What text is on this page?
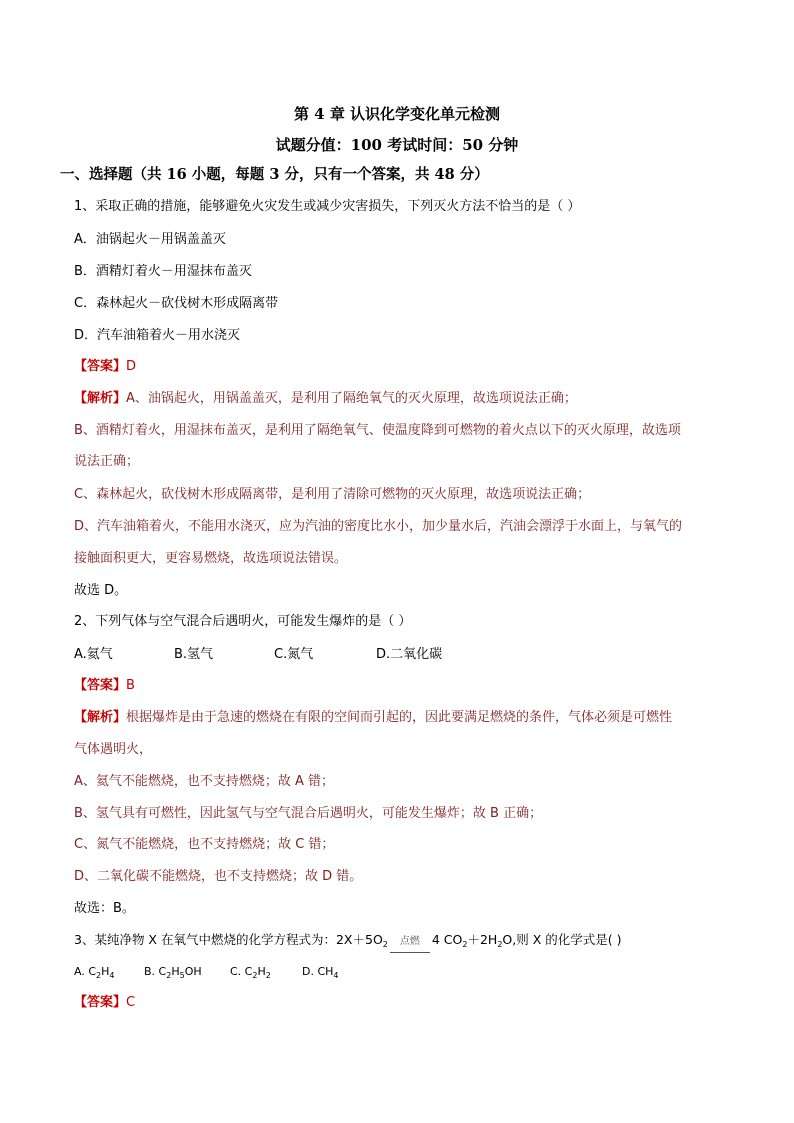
第 4 章 认识化学变化单元检测
试题分值：100 考试时间：50 分钟
一、选择题（共 16 小题，每题 3 分，只有一个答案，共 48 分）
1、采取正确的措施，能够避免火灾发生或减少灾害损失，下列灭火方法不恰当的是（ ）
A．油锅起火－用锅盖盖灭
B．酒精灯着火－用湿抹布盖灭
C．森林起火－砍伐树木形成隔离带
D．汽车油箱着火－用水浇灭
【答案】D
【解析】A、油锅起火，用锅盖盖灭，是利用了隔绝氧气的灭火原理，故选项说法正确；
B、酒精灯着火，用湿抹布盖灭，是利用了隔绝氧气、使温度降到可燃物的着火点以下的灭火原理，故选项
说法正确；
C、森林起火，砍伐树木形成隔离带，是利用了清除可燃物的灭火原理，故选项说法正确；
D、汽车油箱着火，不能用水浇灭，应为汽油的密度比水小，加少量水后，汽油会漂浮于水面上，与氧气的
接触面积更大，更容易燃烧，故选项说法错误。
故选 D。
2、下列气体与空气混合后遇明火，可能发生爆炸的是（ ）
A.氦气	B.氢气	C.氮气	D.二氧化碳
【答案】B
【解析】根据爆炸是由于急速的燃烧在有限的空间而引起的，因此要满足燃烧的条件，气体必须是可燃性
气体遇明火，
A、氦气不能燃烧，也不支持燃烧；故 A 错；
B、氢气具有可燃性，因此氢气与空气混合后遇明火，可能发生爆炸；故 B 正确；
C、氮气不能燃烧，也不支持燃烧；故 C 错；
D、二氧化碳不能燃烧，也不支持燃烧；故 D 错。
故选：B。
3、某纯净物 X 在氧气中燃烧的化学方程式为：$2X+5O_2$ 点燃 4 $CO_2+2H_2O$,则 X 的化学式是( )
A. $C_2H_4$	B. $C_2H_5OH$	C. $C_2H_2$	D. $CH_4$
【答案】C
